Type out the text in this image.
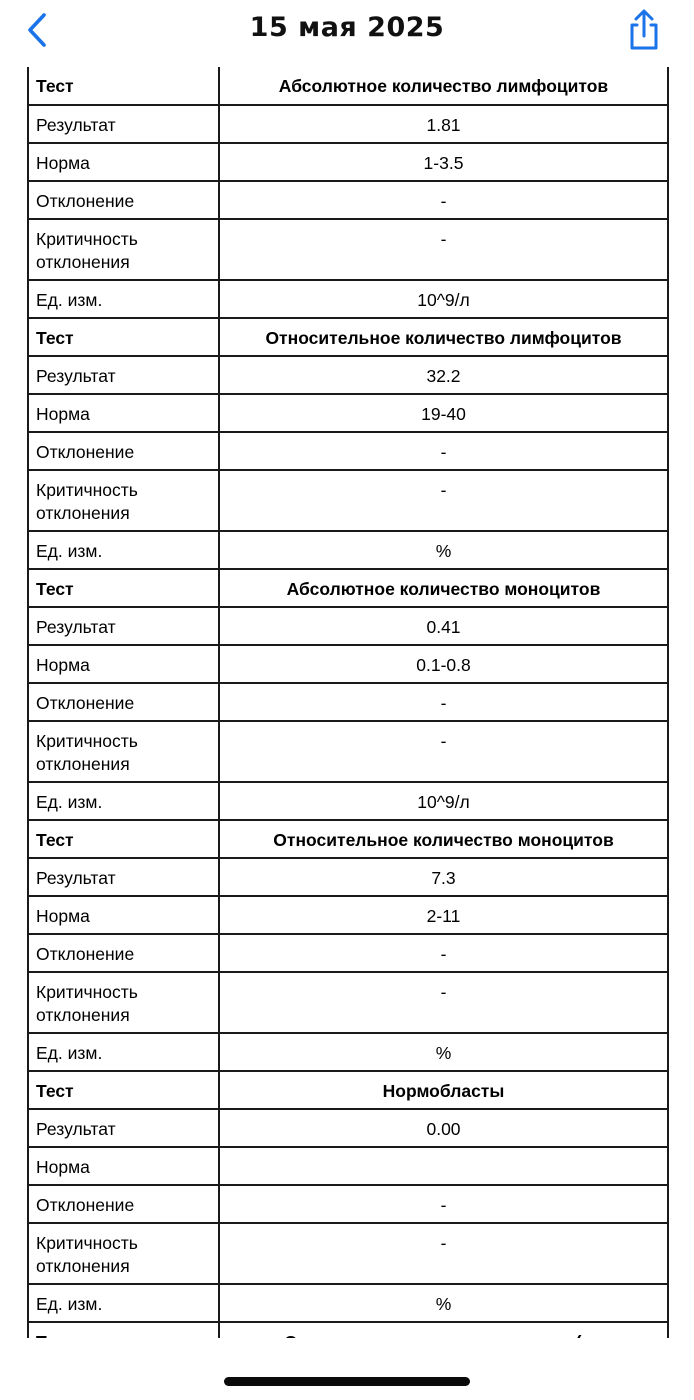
15 мая 2025
Тест	Абсолютное количество лимфоцитов
Результат	1.81
Норма	1-3.5
Отклонение	-
Критичность отклонения	-
Ед. изм.	10^9/л
Тест	Относительное количество лимфоцитов
Результат	32.2
Норма	19-40
Отклонение	-
Критичность отклонения	-
Ед. изм.	%
Тест	Абсолютное количество моноцитов
Результат	0.41
Норма	0.1-0.8
Отклонение	-
Критичность отклонения	-
Ед. изм.	10^9/л
Тест	Относительное количество моноцитов
Результат	7.3
Норма	2-11
Отклонение	-
Критичность отклонения	-
Ед. изм.	%
Тест	Нормобласты
Результат	0.00
Норма	
Отклонение	-
Критичность отклонения	-
Ед. изм.	%
